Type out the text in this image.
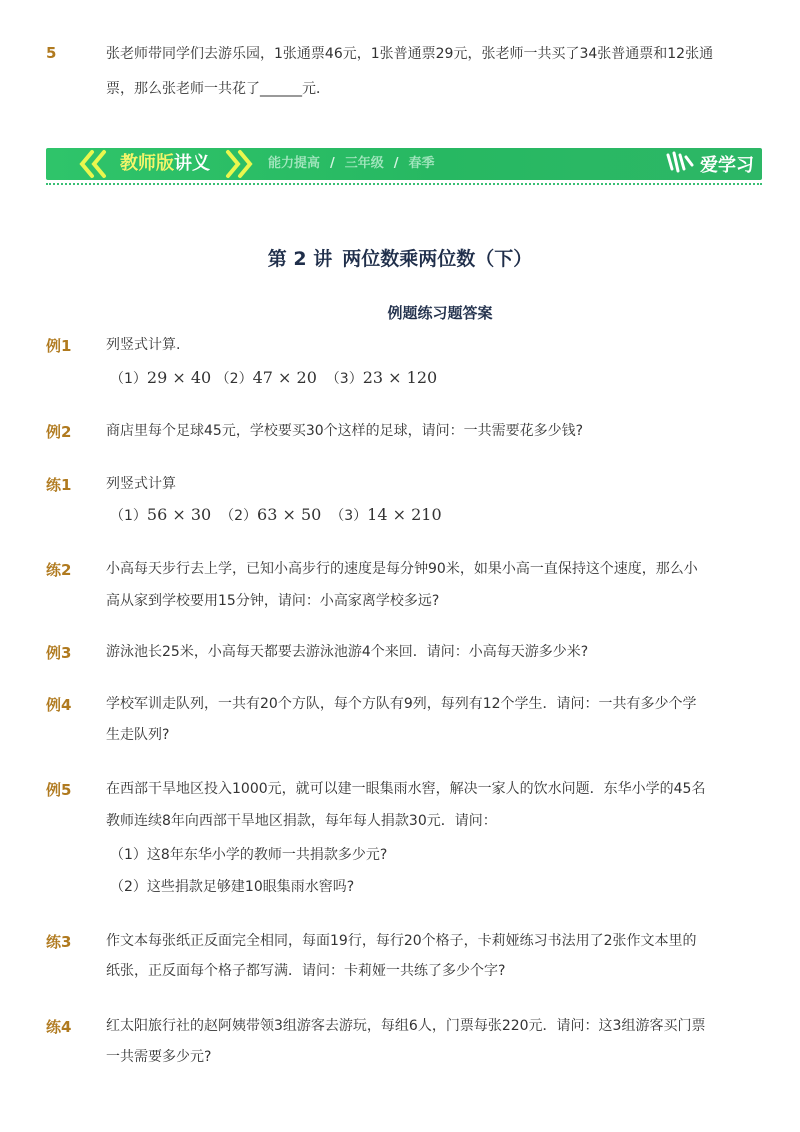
5	张老师带同学们去游乐园，1张通票46元，1张普通票29元，张老师一共买了34张普通票和12张通
票，那么张老师一共花了______元．
教师版讲义	能力提高 / 三年级 / 春季	爱学习
第 2 讲 两位数乘两位数（下）
例题练习题答案
例1 列竖式计算.
（1）29 × 40 （2）47 × 20 （3）23 × 120
例2 商店里每个足球45元，学校要买30个这样的足球，请问：一共需要花多少钱?
练1 列竖式计算
（1）56 × 30 （2）63 × 50 （3）14 × 210
练2 小高每天步行去上学，已知小高步行的速度是每分钟90米，如果小高一直保持这个速度，那么小
高从家到学校要用15分钟，请问：小高家离学校多远?
例3 游泳池长25米，小高每天都要去游泳池游4个来回．请问：小高每天游多少米?
例4 学校军训走队列，一共有20个方队，每个方队有9列，每列有12个学生．请问：一共有多少个学
生走队列?
例5 在西部干旱地区投入1000元，就可以建一眼集雨水窖，解决一家人的饮水问题．东华小学的45名
教师连续8年向西部干旱地区捐款，每年每人捐款30元．请问：
（1）这8年东华小学的教师一共捐款多少元?
（2）这些捐款足够建10眼集雨水窖吗?
练3 作文本每张纸正反面完全相同，每面19行，每行20个格子，卡莉娅练习书法用了2张作文本里的
纸张，正反面每个格子都写满．请问：卡莉娅一共练了多少个字?
练4 红太阳旅行社的赵阿姨带领3组游客去游玩，每组6人，门票每张220元．请问：这3组游客买门票
一共需要多少元?
